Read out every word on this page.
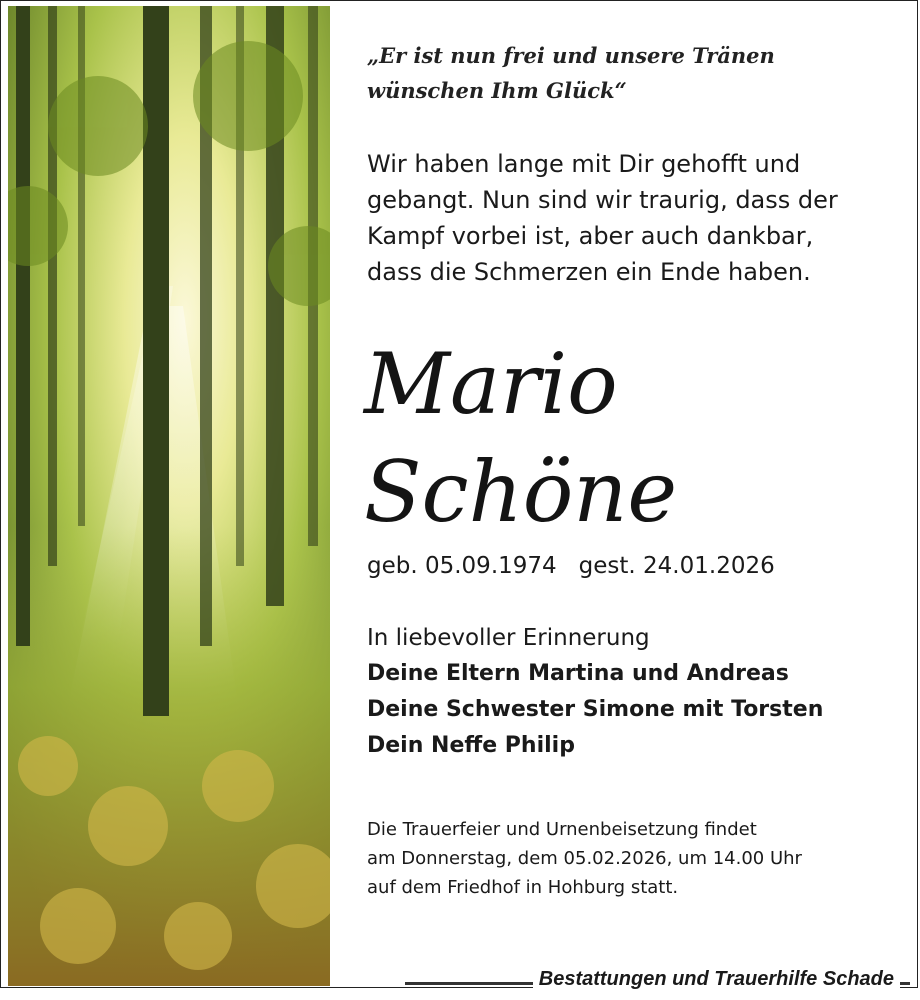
„Er ist nun frei und unsere Tränen
wünschen Ihm Glück“
Wir haben lange mit Dir gehofft und
gebangt. Nun sind wir traurig, dass der
Kampf vorbei ist, aber auch dankbar,
dass die Schmerzen ein Ende haben.
Mario
Schöne
geb. 05.09.1974 gest. 24.01.2026
In liebevoller Erinnerung
Deine Eltern Martina und Andreas
Deine Schwester Simone mit Torsten
Dein Neffe Philip
Die Trauerfeier und Urnenbeisetzung findet
am Donnerstag, dem 05.02.2026, um 14.00 Uhr
auf dem Friedhof in Hohburg statt.
Bestattungen und Trauerhilfe Schade
